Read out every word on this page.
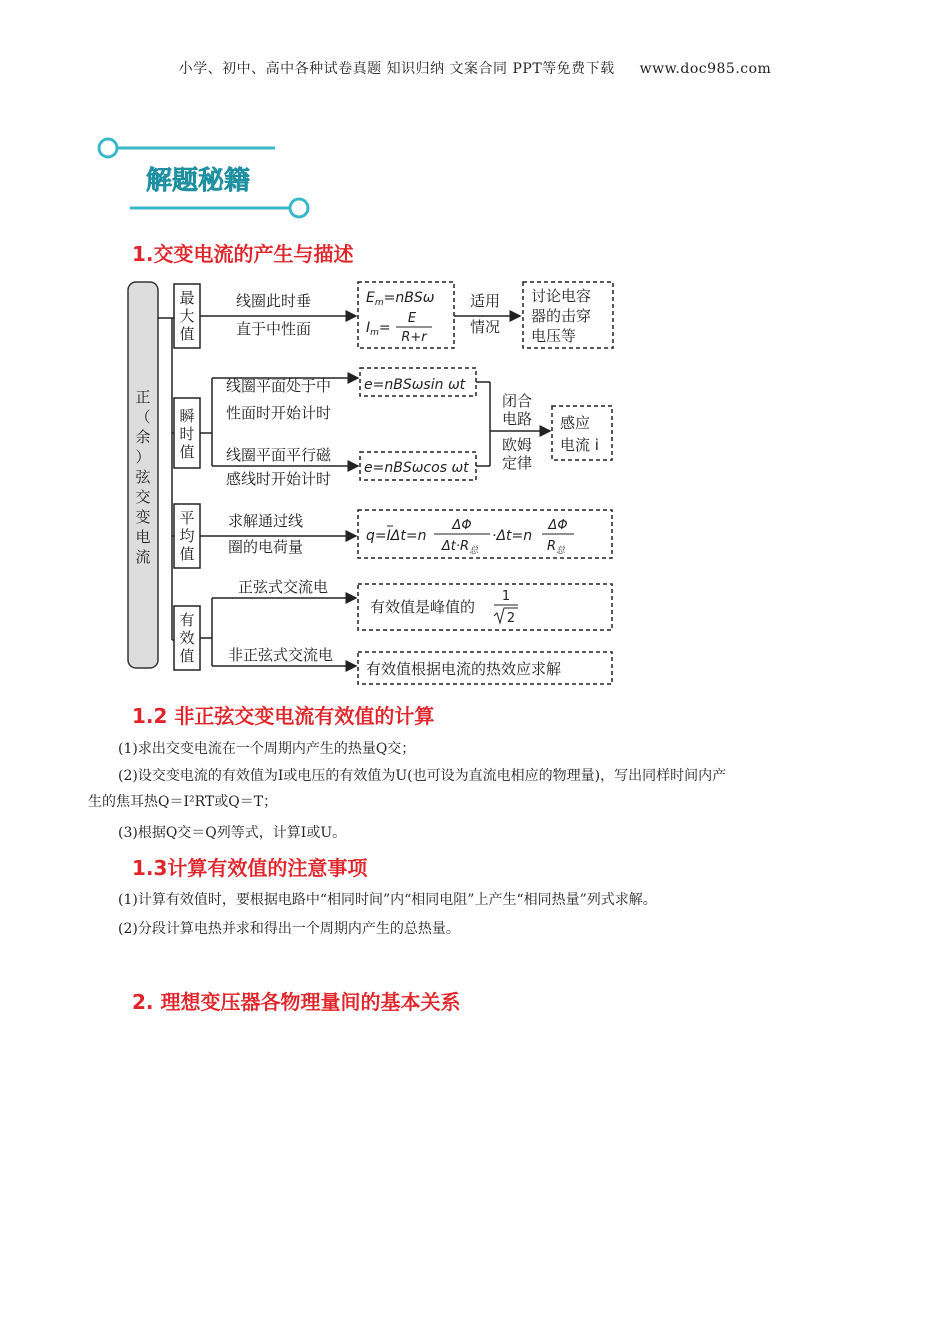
小学、初中、高中各种试卷真题 知识归纳 文案合同 PPT等免费下载 www.doc985.com
解题秘籍
1.交变电流的产生与描述
正（余）弦交变电流
最大值
瞬时值
平均值
有效值
线圈此时垂
直于中性面
$E_m=nBS\omega$
$I_m=$
E
R+r
适用
情况
讨论电容
器的击穿
电压等
线圈平面处于中
性面时开始计时
e=nBSωsin ωt
线圈平面平行磁
感线时开始计时
e=nBSωcos ωt
闭合
电路
欧姆
定律
感应
电流 i
求解通过线
圈的电荷量
q=IΔt=n
ΔΦ
$\Delta t\cdot R_总$
·Δt=n
ΔΦ
$R_总$
正弦式交流电
有效值是峰值的
1
2
非正弦式交流电
有效值根据电流的热效应求解
1.2 非正弦交变电流有效值的计算
(1)求出交变电流在一个周期内产生的热量Q交；
(2)设交变电流的有效值为I或电压的有效值为U(也可设为直流电相应的物理量)，写出同样时间内产
生的焦耳热Q＝I²RT或Q＝T；
(3)根据Q交＝Q列等式，计算I或U。
1.3计算有效值的注意事项
(1)计算有效值时，要根据电路中“相同时间”内“相同电阻”上产生“相同热量”列式求解。
(2)分段计算电热并求和得出一个周期内产生的总热量。
2. 理想变压器各物理量间的基本关系
